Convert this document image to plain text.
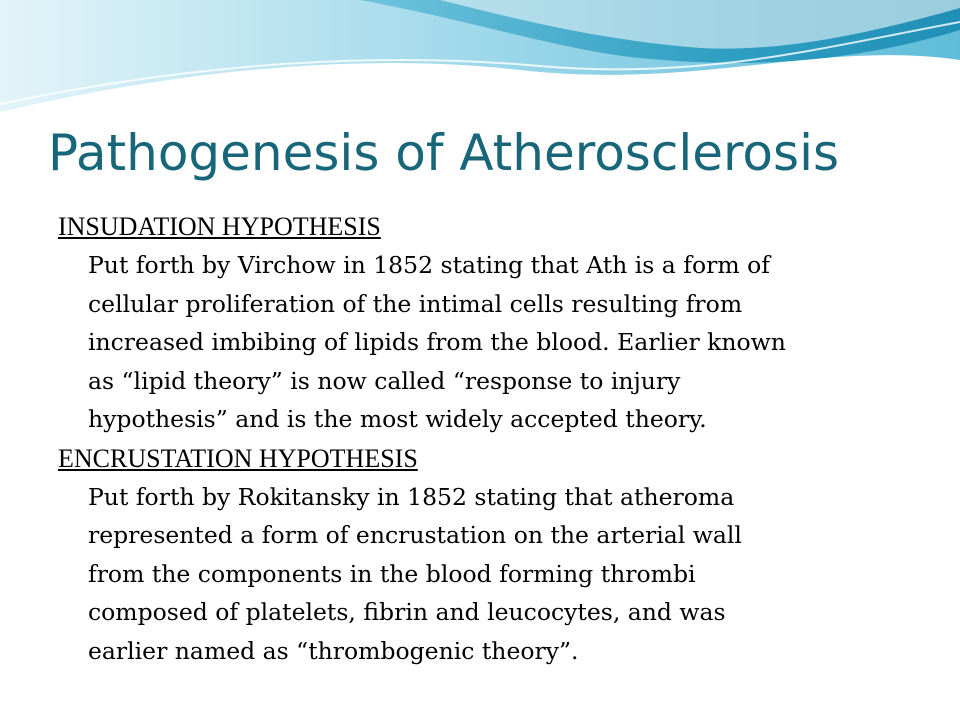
Pathogenesis of Atherosclerosis
INSUDATION HYPOTHESIS
Put forth by Virchow in 1852 stating that Ath is a form of
cellular proliferation of the intimal cells resulting from
increased imbibing of lipids from the blood. Earlier known
as “lipid theory” is now called “response to injury
hypothesis” and is the most widely accepted theory.
ENCRUSTATION HYPOTHESIS
Put forth by Rokitansky in 1852 stating that atheroma
represented a form of encrustation on the arterial wall
from the components in the blood forming thrombi
composed of platelets, fibrin and leucocytes, and was
earlier named as “thrombogenic theory”.
